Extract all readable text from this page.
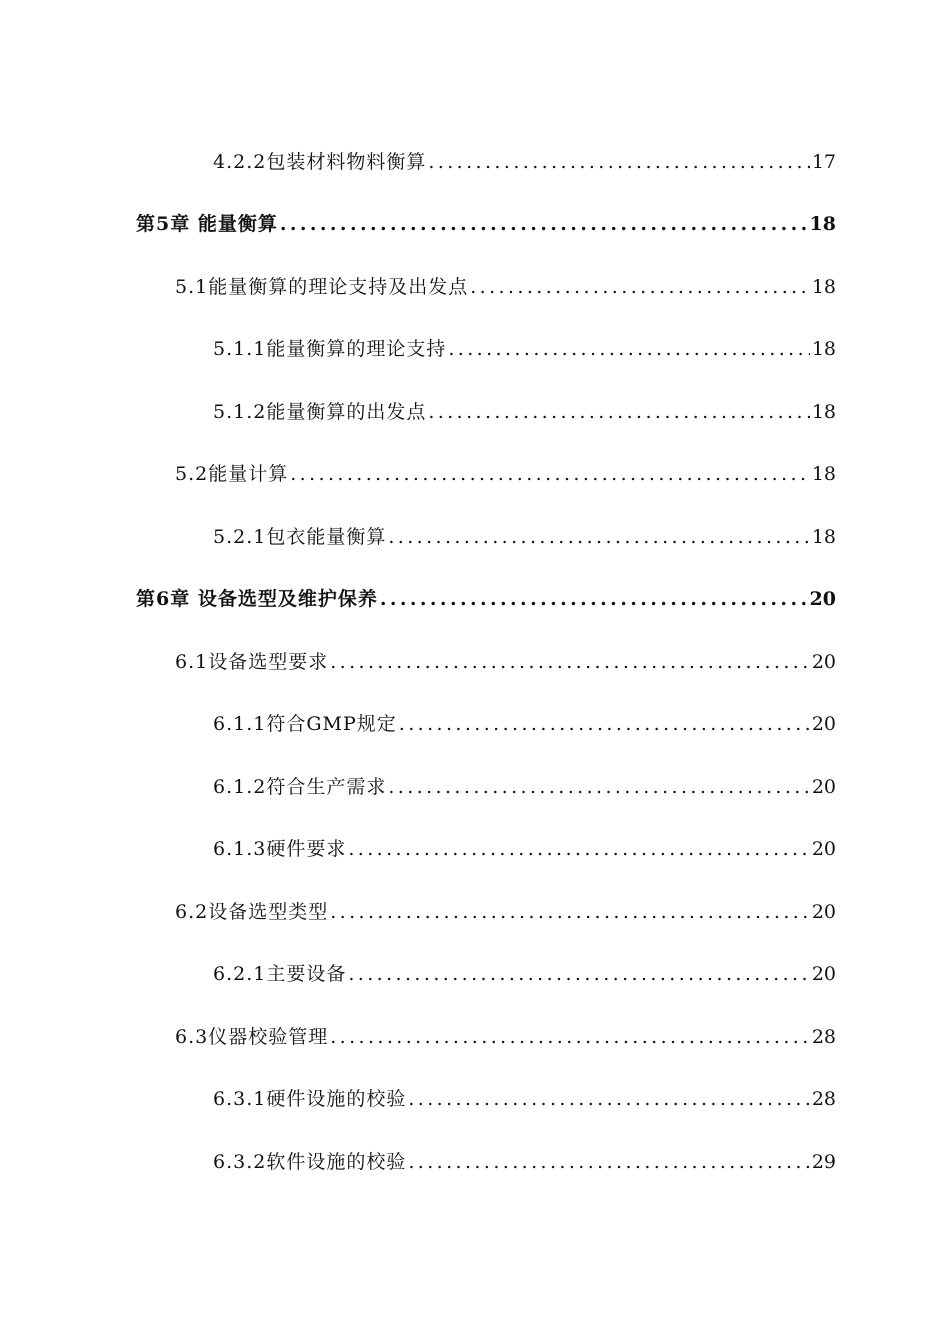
4.2.2包装材料物料衡算 .....	17
第5章 能量衡算 .....	18
5.1能量衡算的理论支持及出发点 .....	18
5.1.1能量衡算的理论支持 .....	18
5.1.2能量衡算的出发点 .....	18
5.2能量计算 .....	18
5.2.1包衣能量衡算 .....	18
第6章 设备选型及维护保养 .....	20
6.1设备选型要求 .....	20
6.1.1符合GMP规定 .....	20
6.1.2符合生产需求 .....	20
6.1.3硬件要求 .....	20
6.2设备选型类型 .....	20
6.2.1主要设备 .....	20
6.3仪器校验管理 .....	28
6.3.1硬件设施的校验 .....	28
6.3.2软件设施的校验 .....	29
